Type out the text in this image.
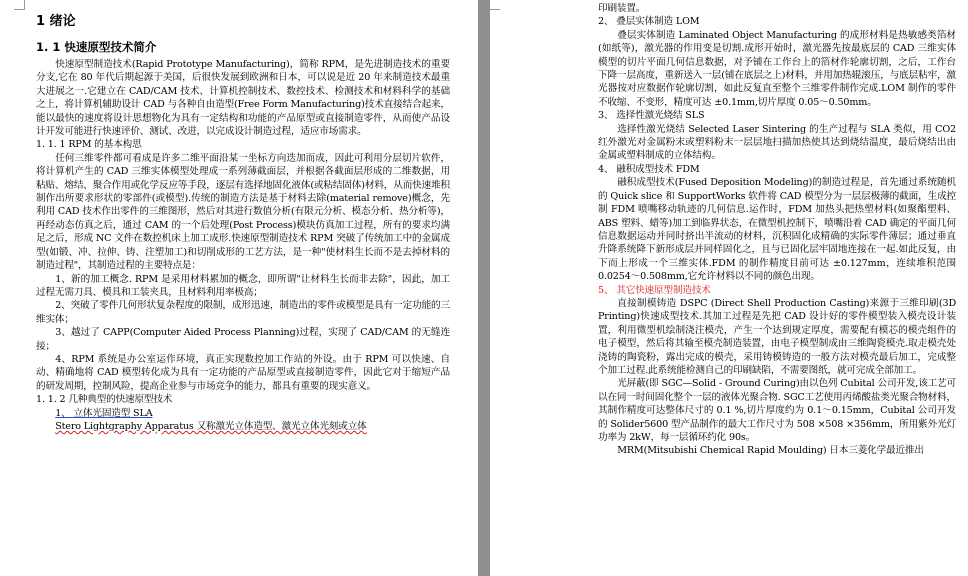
1 绪论
1. 1 快速原型技术简介

快速原型制造技术(Rapid Prototype Manufacturing)，简称 RPM，是先进制造技术的重要分支,它在 80 年代后期起源于美国，后很快发展到欧洲和日本，可以说是近 20 年来制造技术最重大进展之一.它建立在 CAD/CAM 技术、计算机控制技术、数控技术、检测技术和材料科学的基础之上，将计算机辅助设计 CAD 与各种自由造型(Free Form Manufacturing)技术直接结合起来，能以最快的速度将设计思想物化为具有一定结构和功能的产品原型或直接制造零件，从而使产品设计开发可能进行快速评价、测试、改进，以完成设计制造过程，适应市场需求。

1. 1. 1 RPM 的基本构思

任何三维零件都可看成是许多二维平面沿某一坐标方向迭加而成，因此可利用分层切片软件，将计算机产生的 CAD 三维实体模型处理成一系列薄截面层，并根据各截面层形成的二维数据，用粘贴、熔结、聚合作用或化学反应等手段，逐层有选择地固化液体(或粘结固体)材料，从而快速堆积制作出所要求形状的零部件(或模型).传统的制造方法是基于材料去除(material remove)概念，先利用 CAD 技术作出零件的三维图形，然后对其进行数值分析(有限元分析、模态分析、热分析等)，再经动态仿真之后，通过 CAM 的一个后处理(Post Process)模块仿真加工过程，所有的要求均满足之后，形成 NC 文件在数控机床上加工成形.快速原型制造技术 RPM 突破了传统加工中的金属成型(如锻、冲、拉伸、铸、注塑加工)和切削成形的工艺方法，是一种"使材料生长而不是去掉材料的制造过程"，其制造过程的主要特点是：

1、新的加工概念. RPM 是采用材料累加的概念，即所谓"让材料生长而非去除"，因此，加工过程无需刀具、模具和工装夹具，且材料利用率极高；

2、突破了零件几何形状复杂程度的限制，成形迅速，制造出的零件或模型是具有一定功能的三维实体；

3、越过了 CAPP(Computer Aided Process Planning)过程，实现了 CAD/CAM 的无缝连接；

4、RPM 系统是办公室运作环境，真正实现数控加工作站的外设。由于 RPM 可以快速、自动、精确地将 CAD 模型转化成为具有一定功能的产品原型或直接制造零件，因此它对于缩短产品的研发周期，控制风险，提高企业参与市场竞争的能力，都具有重要的现实意义。

1. 1. 2 几种典型的快速原型技术

1、 立体光固造型 SLA

Stero Lightgraphy Apparatus 又称激光立体造型、激光立体光刻或立体

印刷装置。

2、 叠层实体制造 LOM

叠层实体制造 Laminated Object Manufacturing 的成形材料是热敏感类箔材(如纸等)，激光器的作用变是切割.成形开始时，激光器先按最底层的 CAD 三维实体模型的切片平面几何信息数据，对予铺在工作台上的箔材作轮廓切割，之后，工作台下降一层高度，重新送入一层(铺在底层之上)材料，并用加热辊滚压，与底层粘牢，激光器按对应数据作轮廓切割，如此反复直至整个三维零件制作完成.LOM 制作的零件不收缩、不变形，精度可达 ±0.1mm,切片厚度 0.05～0.50mm。

3、 选择性激光烧结 SLS

选择性激光烧结 Selected Laser Sintering 的生产过程与 SLA 类似，用 CO2 红外激光对金属粉末或塑料粉末一层层地扫描加热使其达到烧结温度，最后烧结出由金属或塑料制成的立体结构。

4、 融积成型技术 FDM

融积成型技术(Fused Deposition Modeling)的制造过程是，首先通过系统随机的 Quick slice 和 SupportWorks 软件将 CAD 模型分为一层层极薄的截面，生成控制 FDM 喷嘴移动轨迹的几何信息.运作时，FDM 加热头把热塑材料(如聚酯塑料、ABS 塑料、蜡等)加工到临界状态，在微型机控制下，喷嘴沿着 CAD 确定的平面几何信息数据运动并同时挤出半流动的材料，沉积固化成精确的实际零件薄层；通过垂直升降系统降下新形成层并同样固化之，且与已固化层牢固地连接在一起.如此反复，由下而上形成一个三维实体.FDM 的制作精度目前可达 ±0.127mm，连续堆积范围 0.0254～0.508mm,它允许材料以不同的颜色出现。

5、 其它快速原型制造技术

直接制模铸造 DSPC (Direct Shell Production Casting)来源于三维印刷(3D Printing)快速成型技术.其加工过程是先把 CAD 设计好的零件模型装入模壳设计装置，利用微型机绘制浇注模壳，产生一个达到规定厚度，需要配有模芯的模壳组件的电子模型，然后将其输至模壳制造装置，由电子模型制成由三维陶瓷模壳.取走模壳处浇铸的陶瓷粉，露出完成的模壳，采用铸模铸造的一般方法对模壳最后加工，完成整个加工过程.此系统能检测自己的印刷缺陷，不需要图纸，就可完成全部加工。

光屏蔽(即 SGC—Solid - Ground Curing)由以色列 Cubital 公司开发,该工艺可以在同一时间固化整个一层的液体光聚合物. SGC工艺使用丙烯酸盐类光聚合物材料，其制作精度可达整体尺寸的 0.1 %,切片厚度约为 0.1～0.15mm，Cubital 公司开发的 Solider5600 型产品制作的最大工作尺寸为 508 ×508 ×356mm，所用紫外光灯功率为 2kW，每一层循环约化 90s。

MRM(Mitsubishi Chemical Rapid Moulding) 日本三菱化学最近推出
